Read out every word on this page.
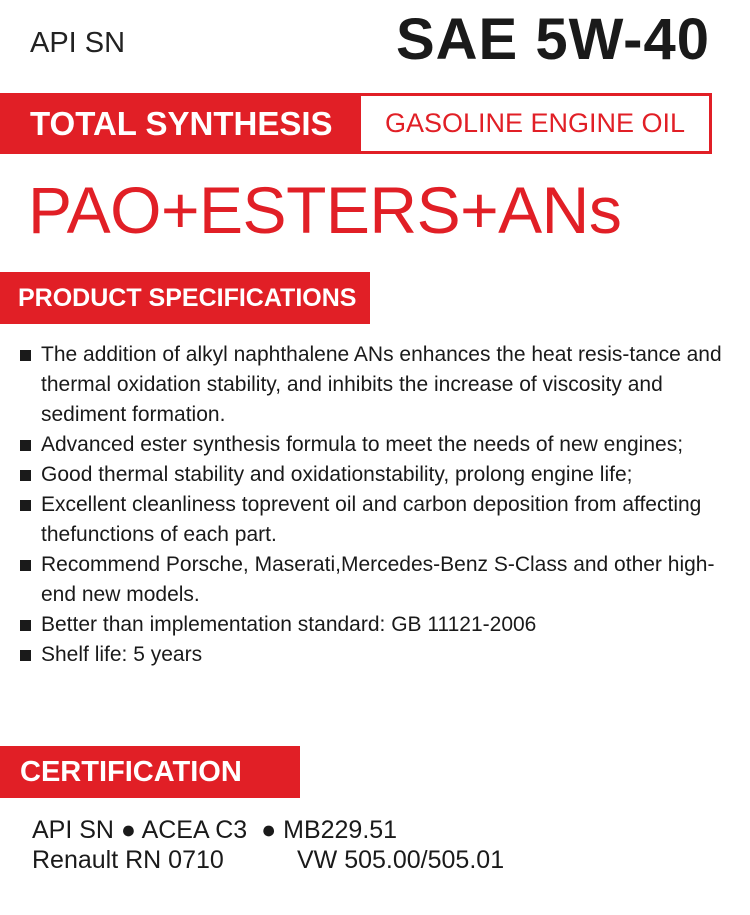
API SN	SAE 5W-40
TOTAL SYNTHESIS GASOLINE ENGINE OIL
PAO+ESTERS+ANs
PRODUCT SPECIFICATIONS
The addition of alkyl naphthalene ANs enhances the heat resis-tance and thermal oxidation stability, and inhibits the increase of viscosity and sediment formation.
Advanced ester synthesis formula to meet the needs of new engines;
Good thermal stability and oxidationstability, prolong engine life;
Excellent cleanliness toprevent oil and carbon deposition from affecting thefunctions of each part.
Recommend Porsche, Maserati,Mercedes-Benz S-Class and other high-end new models.
Better than implementation standard: GB 11121-2006
Shelf life: 5 years
CERTIFICATION
API SN ● ACEA C3  ● MB229.51
Renault RN 0710	VW 505.00/505.01
